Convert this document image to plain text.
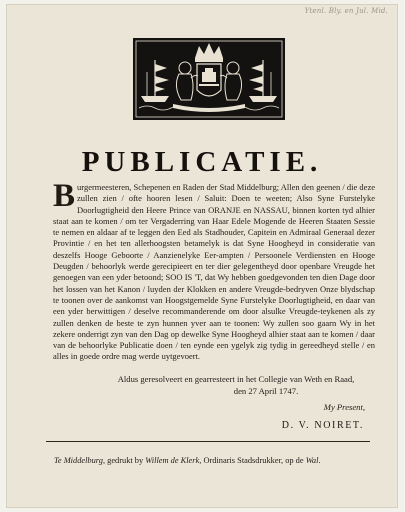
Ytenl. Bly. en Jul. Mid.
PUBLICATIE.
Burgermeesteren, Schepenen en Raden der Stad Middelburg; Allen den geenen / die deze zullen zien / ofte hooren lesen / Saluit: Doen te weeten; Also Syne Furstelyke Doorlugtigheid den Heere Prince van ORANJE en NASSAU, binnen korten tyd alhier staat aan te komen / om ter Vergaderring van Haar Edele Mogende de Heeren Staaten Sessie te nemen en aldaar af te leggen den Eed als Stadhouder, Capitein en Admiraal Generaal dezer Provintie / en het ten allerhoogsten betamelyk is dat Syne Hoogheyd in consideratie van deszelfs Hooge Geboorte / Aanzienelyke Eer-ampten / Persoonele Verdiensten en Hooge Deugden / behoorlyk werde gerecipieert en ter dier gelegentheyd door openbare Vreugde het genoegen van een yder betoond; SOO IS 'T, dat Wy hebben goedgevonden ten dien Dage door het lossen van het Kanon / luyden der Klokken en andere Vreugde-bedryven Onze blydschap te toonen over de aankomst van Hoogstgemelde Syne Furstelyke Doorlugtigheid, en daar van een yder berwittigen / deselve recommanderende om door alsulke Vreugde-teykenen als zy zullen denken de beste te zyn hunnen yver aan te toonen: Wy zullen soo gaarn Wy in het zekere onderrigt zyn van den Dag op dewelke Syne Hoogheyd alhier staat aan te komen / daar van de behoorlyke Publicatie doen / ten eynde een ygelyk zig tydig in gereedheyd stelle / en alles in goede ordre mag werde uytgevoert.
Aldus geresolveert en gearresteert in het Collegie van Weth en Raad,
den 27 April 1747.
My Present,
D. V. NOIRET.
Te Middelburg, gedrukt by Willem de Klerk, Ordinaris Stadsdrukker, op de Wal.
